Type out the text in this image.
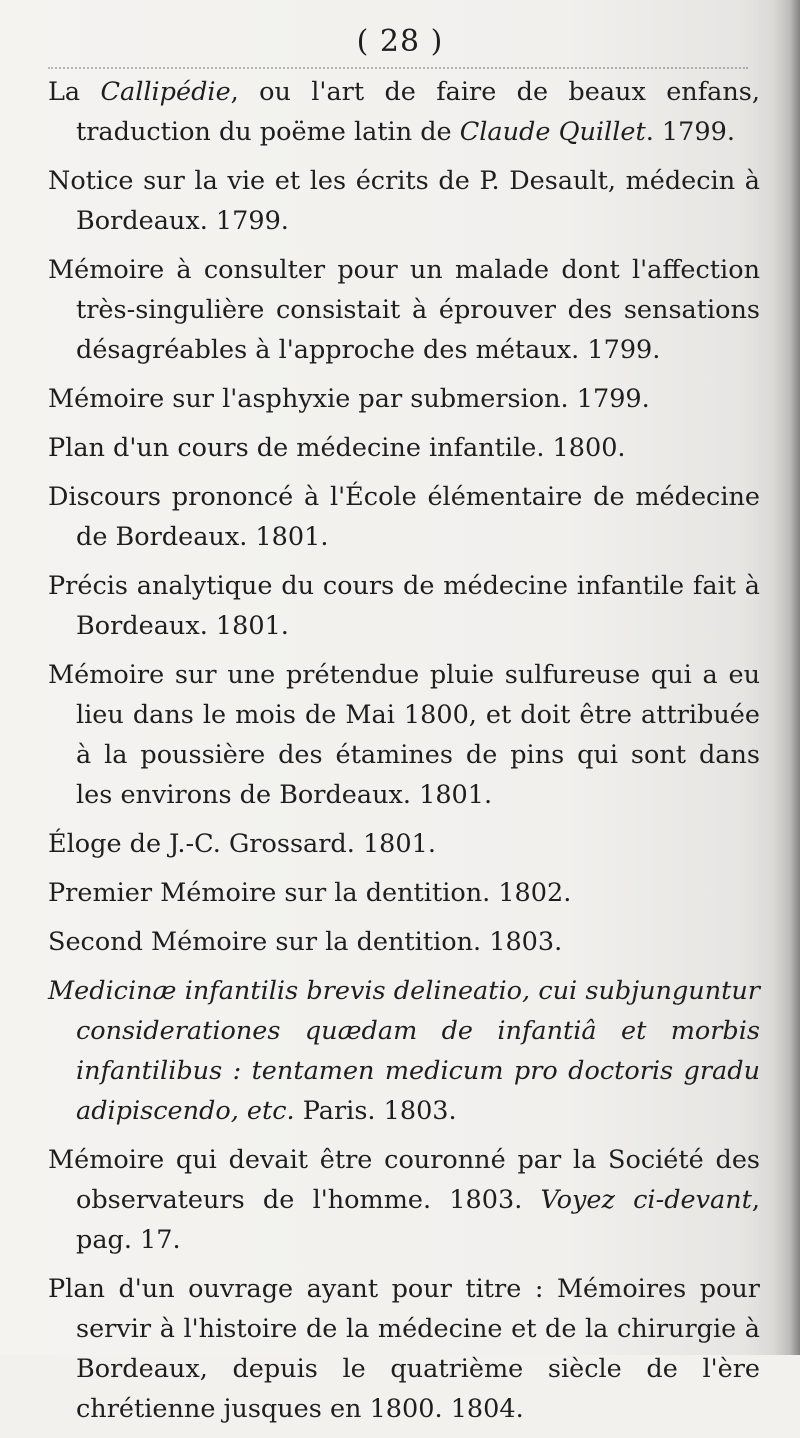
( 28 )

La Callipédie, ou l'art de faire de beaux enfans, traduction du poëme latin de Claude Quillet. 1799.

Notice sur la vie et les écrits de P. Desault, médecin à Bordeaux. 1799.

Mémoire à consulter pour un malade dont l'affection très-singulière consistait à éprouver des sensations désagréables à l'approche des métaux. 1799.

Mémoire sur l'asphyxie par submersion. 1799.

Plan d'un cours de médecine infantile. 1800.

Discours prononcé à l'École élémentaire de médecine de Bordeaux. 1801.

Précis analytique du cours de médecine infantile fait à Bordeaux. 1801.

Mémoire sur une prétendue pluie sulfureuse qui a eu lieu dans le mois de Mai 1800, et doit être attribuée à la poussière des étamines de pins qui sont dans les environs de Bordeaux. 1801.

Éloge de J.-C. Grossard. 1801.

Premier Mémoire sur la dentition. 1802.

Second Mémoire sur la dentition. 1803.

Medicinæ infantilis brevis delineatio, cui subjunguntur considerationes quædam de infantiâ et morbis infantilibus : tentamen medicum pro doctoris gradu adipiscendo, etc. Paris. 1803.

Mémoire qui devait être couronné par la Société des observateurs de l'homme. 1803. Voyez ci-devant, pag. 17.

Plan d'un ouvrage ayant pour titre : Mémoires pour servir à l'histoire de la médecine et de la chirurgie à Bordeaux, depuis le quatrième siècle de l'ère chrétienne jusques en 1800. 1804.
